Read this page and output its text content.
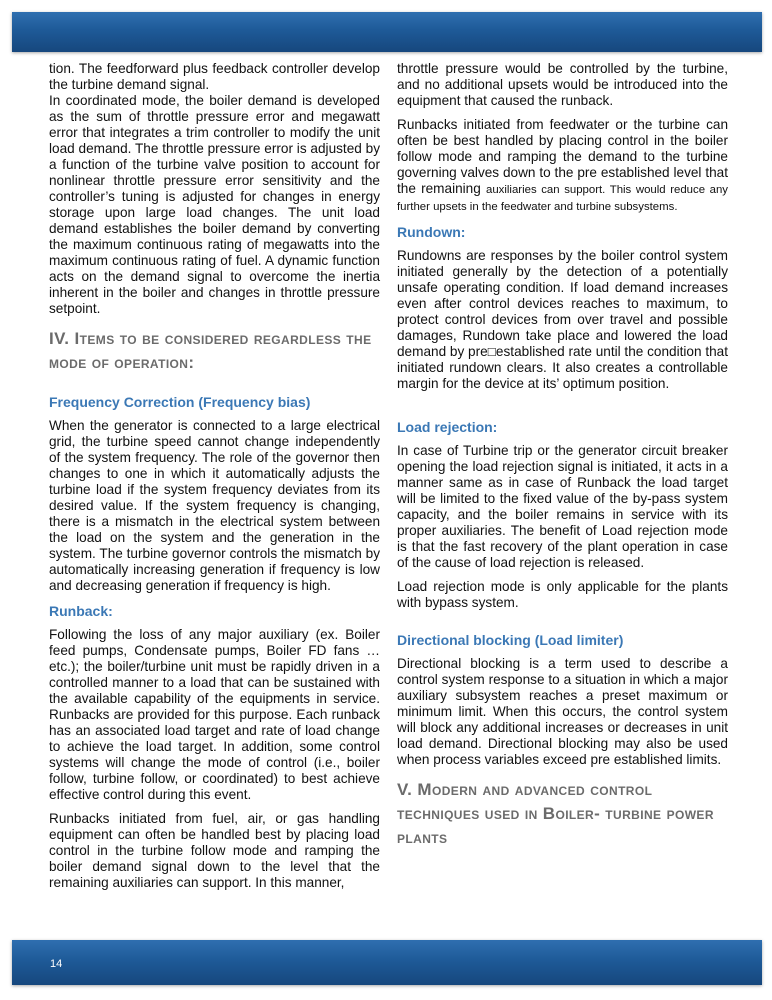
tion. The feedforward plus feedback controller develop the turbine demand signal.

In coordinated mode, the boiler demand is developed as the sum of throttle pressure error and megawatt error that integrates a trim controller to modify the unit load demand. The throttle pressure error is adjusted by a function of the turbine valve position to account for nonlinear throttle pressure error sensitivity and the controller’s tuning is adjusted for changes in energy storage upon large load changes. The unit load demand establishes the boiler demand by converting the maximum continuous rating of megawatts into the maximum continuous rating of fuel. A dynamic function acts on the demand signal to overcome the inertia inherent in the boiler and changes in throttle pressure setpoint.

IV. Items to be considered regardless the mode of operation:
Frequency Correction (Frequency bias)

When the generator is connected to a large electrical grid, the turbine speed cannot change independently of the system frequency. The role of the governor then changes to one in which it automatically adjusts the turbine load if the system frequency deviates from its desired value. If the system frequency is changing, there is a mismatch in the electrical system between the load on the system and the generation in the system. The turbine governor controls the mismatch by automatically increasing generation if frequency is low and decreasing generation if frequency is high.

Runback:

Following the loss of any major auxiliary (ex. Boiler feed pumps, Condensate pumps, Boiler FD fans … etc.); the boiler/turbine unit must be rapidly driven in a controlled manner to a load that can be sustained with the available capability of the equipments in service. Runbacks are provided for this purpose. Each runback has an associated load target and rate of load change to achieve the load target. In addition, some control systems will change the mode of control (i.e., boiler follow, turbine follow, or coordinated) to best achieve effective control during this event.

Runbacks initiated from fuel, air, or gas handling equipment can often be handled best by placing load control in the turbine follow mode and ramping the boiler demand signal down to the level that the remaining auxiliaries can support. In this manner,

throttle pressure would be controlled by the turbine, and no additional upsets would be introduced into the equipment that caused the runback.

Runbacks initiated from feedwater or the turbine can often be best handled by placing control in the boiler follow mode and ramping the demand to the turbine governing valves down to the pre established level that the remaining auxiliaries can support. This would reduce any further upsets in the feedwater and turbine subsystems.

Rundown:

Rundowns are responses by the boiler control system initiated generally by the detection of a potentially unsafe operating condition. If load demand increases even after control devices reaches to maximum, to protect control devices from over travel and possible damages, Rundown take place and lowered the load demand by pre□established rate until the condition that initiated rundown clears. It also creates a controllable margin for the device at its’ optimum position.

Load rejection:

In case of Turbine trip or the generator circuit breaker opening the load rejection signal is initiated, it acts in a manner same as in case of Runback the load target will be limited to the fixed value of the by-pass system capacity, and the boiler remains in service with its proper auxiliaries. The benefit of Load rejection mode is that the fast recovery of the plant operation in case of the cause of load rejection is released.

Load rejection mode is only applicable for the plants with bypass system.

Directional blocking (Load limiter)

Directional blocking is a term used to describe a control system response to a situation in which a major auxiliary subsystem reaches a preset maximum or minimum limit. When this occurs, the control system will block any additional increases or decreases in unit load demand. Directional blocking may also be used when process variables exceed pre established limits.

V. Modern and advanced control techniques used in Boiler- turbine power plants
14
